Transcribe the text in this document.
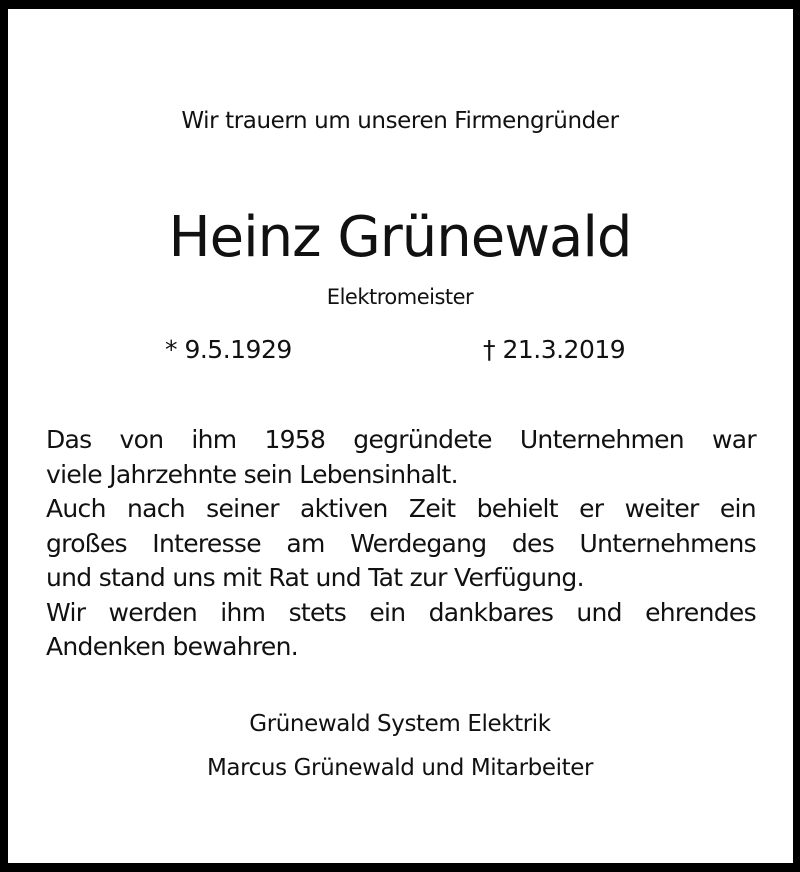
Wir trauern um unseren Firmengründer

Heinz Grünewald

Elektromeister

* 9.5.1929	† 21.3.2019

Das von ihm 1958 gegründete Unternehmen war

viele Jahrzehnte sein Lebensinhalt.

Auch nach seiner aktiven Zeit behielt er weiter ein

großes Interesse am Werdegang des Unternehmens

und stand uns mit Rat und Tat zur Verfügung.

Wir werden ihm stets ein dankbares und ehrendes

Andenken bewahren.

Grünewald System Elektrik

Marcus Grünewald und Mitarbeiter
